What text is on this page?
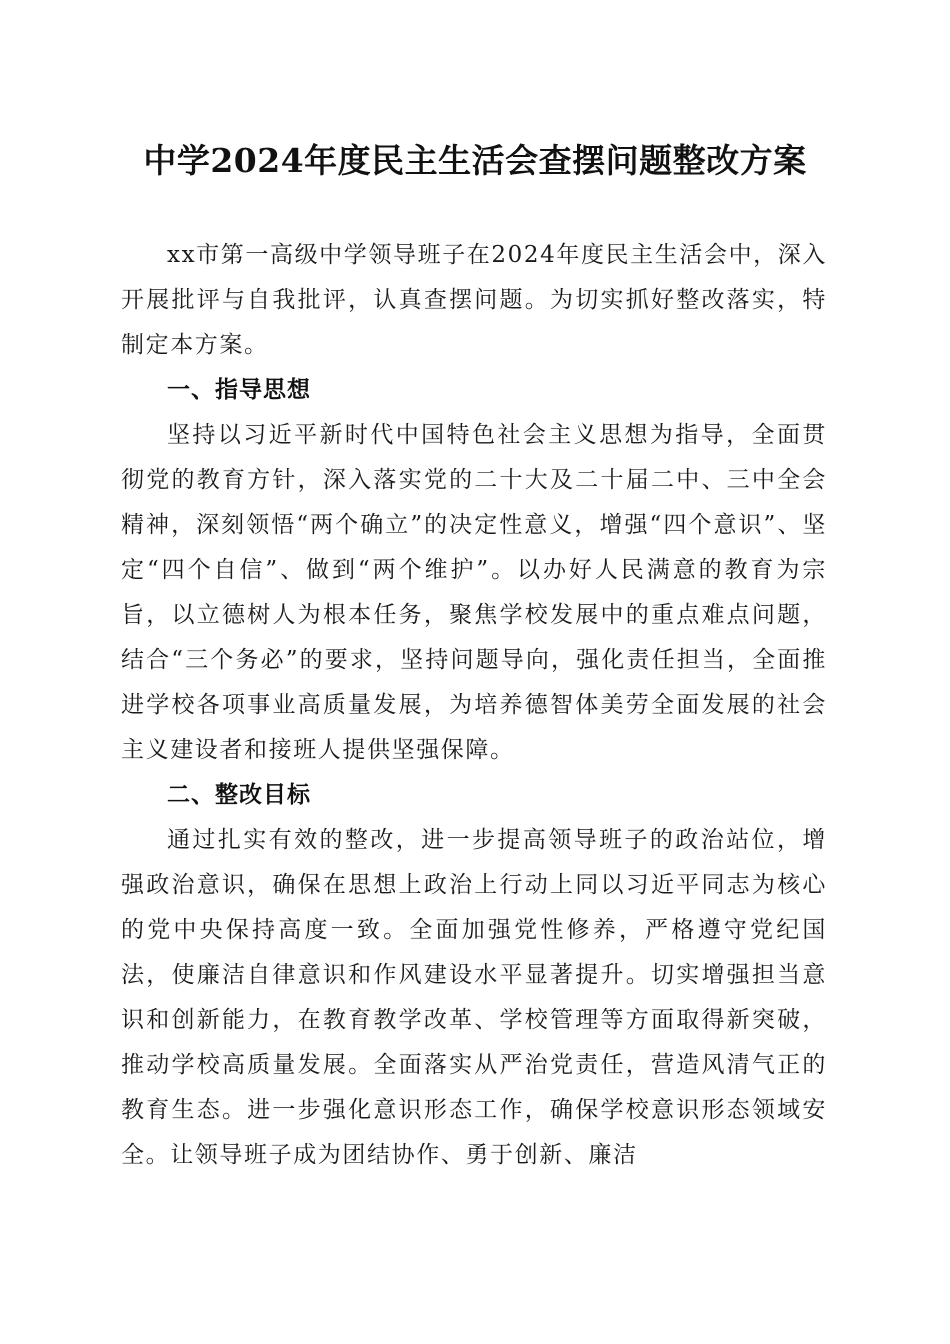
中学2024年度民主生活会查摆问题整改方案

xx市第一高级中学领导班子在2024年度民主生活会中，深入开展批评与自我批评，认真查摆问题。为切实抓好整改落实，特制定本方案。

一、指导思想

坚持以习近平新时代中国特色社会主义思想为指导，全面贯彻党的教育方针，深入落实党的二十大及二十届二中、三中全会精神，深刻领悟“两个确立”的决定性意义，增强“四个意识”、坚定“四个自信”、做到“两个维护”。以办好人民满意的教育为宗旨，以立德树人为根本任务，聚焦学校发展中的重点难点问题，结合“三个务必”的要求，坚持问题导向，强化责任担当，全面推进学校各项事业高质量发展，为培养德智体美劳全面发展的社会主义建设者和接班人提供坚强保障。

二、整改目标

通过扎实有效的整改，进一步提高领导班子的政治站位，增强政治意识，确保在思想上政治上行动上同以习近平同志为核心的党中央保持高度一致。全面加强党性修养，严格遵守党纪国法，使廉洁自律意识和作风建设水平显著提升。切实增强担当意识和创新能力，在教育教学改革、学校管理等方面取得新突破，推动学校高质量发展。全面落实从严治党责任，营造风清气正的教育生态。进一步强化意识形态工作，确保学校意识形态领域安全。让领导班子成为团结协作、勇于创新、廉洁
